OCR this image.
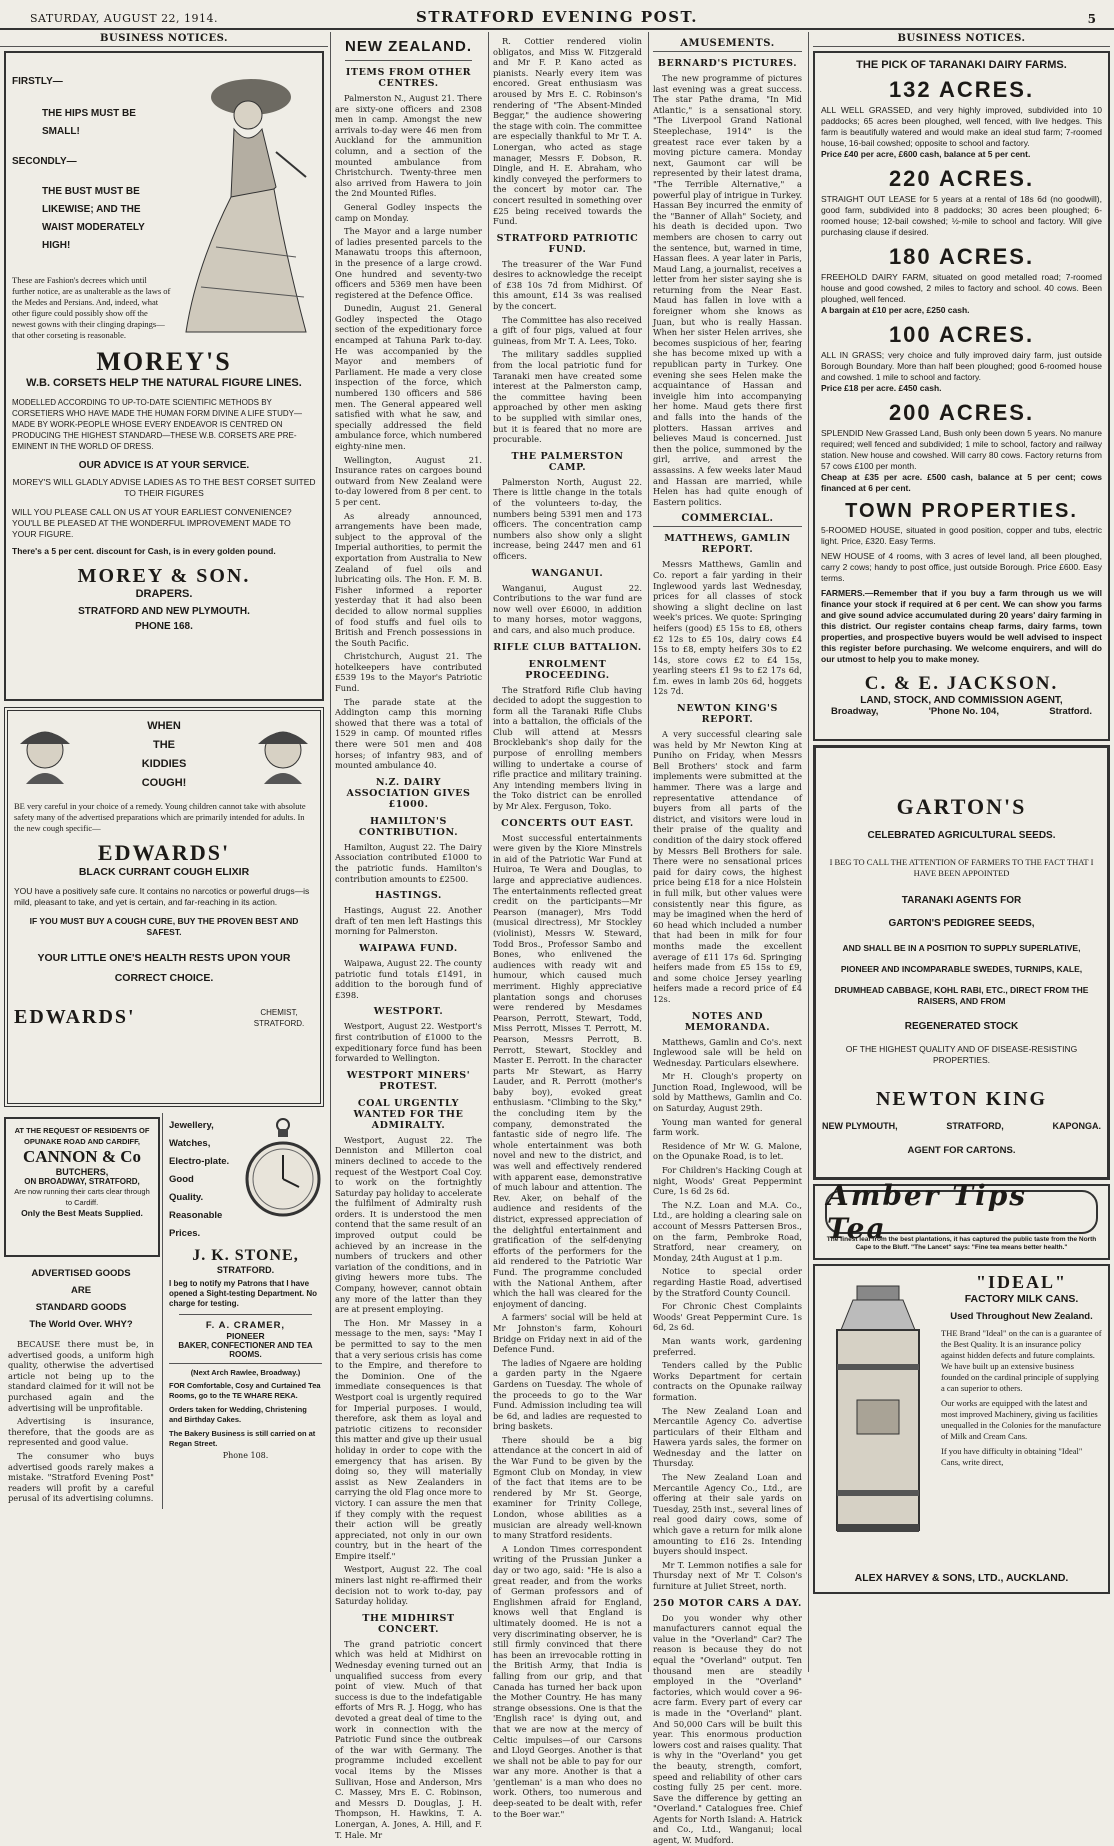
SATURDAY, AUGUST 22, 1914.	STRATFORD EVENING POST.	5
BUSINESS NOTICES.
FIRSTLY—
THE HIPS MUST BE SMALL!
SECONDLY—
THE BUST MUST BE LIKEWISE; AND THE WAIST MODERATELY HIGH!
These are Fashion's decrees which until further notice, are as unalterable as the laws of the Medes and Persians. And, indeed, what other figure could possibly show off the newest gowns with their clinging drapings—that other corseting is reasonable.
MOREY'S
W.B. CORSETS HELP THE NATURAL FIGURE LINES.
MODELLED ACCORDING TO UP-TO-DATE SCIENTIFIC METHODS BY CORSETIERS WHO HAVE MADE THE HUMAN FORM DIVINE A LIFE STUDY—MADE BY WORK-PEOPLE WHOSE EVERY ENDEAVOR IS CENTRED ON PRODUCING THE HIGHEST STANDARD—THESE W.B. CORSETS ARE PRE-EMINENT IN THE WORLD OF DRESS.
OUR ADVICE IS AT YOUR SERVICE.
MOREY'S WILL GLADLY ADVISE LADIES AS TO THE BEST CORSET SUITED TO THEIR FIGURES
WILL YOU PLEASE CALL ON US AT YOUR EARLIEST CONVENIENCE? YOU'LL BE PLEASED AT THE WONDERFUL IMPROVEMENT MADE TO YOUR FIGURE.
There's a 5 per cent. discount for Cash, is in every golden pound.
MOREY & SON.
DRAPERS.
STRATFORD AND NEW PLYMOUTH.
PHONE 168.
WHEN
THE
KIDDIES
COUGH!
BE very careful in your choice of a remedy. Young children cannot take with absolute safety many of the advertised preparations which are primarily intended for adults. In the new cough specific—
EDWARDS'
BLACK CURRANT COUGH ELIXIR
YOU have a positively safe cure. It contains no narcotics or powerful drugs—is mild, pleasant to take, and yet is certain, and far-reaching in its action.
IF YOU MUST BUY A COUGH CURE, BUY THE PROVEN BEST AND SAFEST.
YOUR LITTLE ONE'S HEALTH RESTS UPON YOUR CORRECT CHOICE.
EDWARDS'	CHEMIST, STRATFORD.
AT THE REQUEST OF RESIDENTS OF OPUNAKE ROAD AND CARDIFF,
CANNON & Co
BUTCHERS,
ON BROADWAY, STRATFORD,
Are now running their carts clear through to Cardiff.
Only the Best Meats Supplied.
ADVERTISED GOODS
ARE
STANDARD GOODS
The World Over. WHY?

BECAUSE there must be, in advertised goods, a uniform high quality, otherwise the advertised article not being up to the standard claimed for it will not be purchased again and the advertising will be unprofitable.

Advertising is insurance, therefore, that the goods are as represented and good value.

The consumer who buys advertised goods rarely makes a mistake. "Stratford Evening Post" readers will profit by a careful perusal of its advertising columns.

Jewellery,
Watches,
Electro-plate.
Good
Quality.
Reasonable
Prices.
J. K. STONE,
STRATFORD.
I beg to notify my Patrons that I have opened a Sight-testing Department. No charge for testing.
F. A. CRAMER,
PIONEER
BAKER, CONFECTIONER AND TEA ROOMS.
(Next Arch Rawlee, Broadway.)
FOR Comfortable, Cosy and Curtained Tea Rooms, go to the TE WHARE REKA.
Orders taken for Wedding, Christening and Birthday Cakes.
The Bakery Business is still carried on at Regan Street.
Phone 108.
NEW ZEALAND.
ITEMS FROM OTHER CENTRES.

Palmerston N., August 21. There are sixty-one officers and 2308 men in camp. Amongst the new arrivals to-day were 46 men from Auckland for the ammunition column, and a section of the mounted ambulance from Christchurch. Twenty-three men also arrived from Hawera to join the 2nd Mounted Rifles.

General Godley inspects the camp on Monday.

The Mayor and a large number of ladies presented parcels to the Manawatu troops this afternoon, in the presence of a large crowd. One hundred and seventy-two officers and 5369 men have been registered at the Defence Office.

Dunedin, August 21. General Godley inspected the Otago section of the expeditionary force encamped at Tahuna Park to-day. He was accompanied by the Mayor and members of Parliament. He made a very close inspection of the force, which numbered 130 officers and 586 men. The General appeared well satisfied with what he saw, and specially addressed the field ambulance force, which numbered eighty-nine men.

Wellington, August 21. Insurance rates on cargoes bound outward from New Zealand were to-day lowered from 8 per cent. to 5 per cent.

As already announced, arrangements have been made, subject to the approval of the Imperial authorities, to permit the exportation from Australia to New Zealand of fuel oils and lubricating oils. The Hon. F. M. B. Fisher informed a reporter yesterday that it had also been decided to allow normal supplies of food stuffs and fuel oils to British and French possessions in the South Pacific.

Christchurch, August 21. The hotelkeepers have contributed £539 19s to the Mayor's Patriotic Fund.

The parade state at the Addington camp this morning showed that there was a total of 1529 in camp. Of mounted rifles there were 501 men and 408 horses; of infantry 983, and of mounted ambulance 40.

N.Z. DAIRY ASSOCIATION GIVES £1000.
HAMILTON'S CONTRIBUTION.

Hamilton, August 22. The Dairy Association contributed £1000 to the patriotic funds. Hamilton's contribution amounts to £2500.

HASTINGS.

Hastings, August 22. Another draft of ten men left Hastings this morning for Palmerston.

WAIPAWA FUND.

Waipawa, August 22. The county patriotic fund totals £1491, in addition to the borough fund of £398.

WESTPORT.

Westport, August 22. Westport's first contribution of £1000 to the expeditionary force fund has been forwarded to Wellington.

WESTPORT MINERS' PROTEST.
COAL URGENTLY WANTED FOR THE ADMIRALTY.

Westport, August 22. The Denniston and Millerton coal miners declined to accede to the request of the Westport Coal Coy. to work on the fortnightly Saturday pay holiday to accelerate the fulfilment of Admiralty rush orders. It is understood the men contend that the same result of an improved output could be achieved by an increase in the numbers of truckers and other variation of the conditions, and in giving hewers more tubs. The Company, however, cannot obtain any more of the latter than they are at present employing.

The Hon. Mr Massey in a message to the men, says: "May I be permitted to say to the men that a very serious crisis has come to the Empire, and therefore to the Dominion. One of the immediate consequences is that Westport coal is urgently required for Imperial purposes. I would, therefore, ask them as loyal and patriotic citizens to reconsider this matter and give up their usual holiday in order to cope with the emergency that has arisen. By doing so, they will materially assist as New Zealanders in carrying the old Flag once more to victory. I can assure the men that if they comply with the request their action will be greatly appreciated, not only in our own country, but in the heart of the Empire itself."

Westport, August 22. The coal miners last night re-affirmed their decision not to work to-day, pay Saturday holiday.

THE MIDHIRST CONCERT.

The grand patriotic concert which was held at Midhirst on Wednesday evening turned out an unqualified success from every point of view. Much of that success is due to the indefatigable efforts of Mrs R. J. Hogg, who has devoted a great deal of time to the work in connection with the Patriotic Fund since the outbreak of the war with Germany. The programme included excellent vocal items by the Misses Sullivan, Hose and Anderson, Mrs C. Massey, Mrs E. C. Robinson, and Messrs D. Douglas, J. H. Thompson, H. Hawkins, T. A. Lonergan, A. Jones, A. Hill, and F. T. Hale. Mr

R. Cottier rendered violin obligatos, and Miss W. Fitzgerald and Mr F. P. Kano acted as pianists. Nearly every item was encored. Great enthusiasm was aroused by Mrs E. C. Robinson's rendering of "The Absent-Minded Beggar," the audience showering the stage with coin. The committee are especially thankful to Mr T. A. Lonergan, who acted as stage manager, Messrs F. Dobson, R. Dingle, and H. E. Abraham, who kindly conveyed the performers to the concert by motor car. The concert resulted in something over £25 being received towards the Fund.

STRATFORD PATRIOTIC FUND.

The treasurer of the War Fund desires to acknowledge the receipt of £38 10s 7d from Midhirst. Of this amount, £14 3s was realised by the concert.

The Committee has also received a gift of four pigs, valued at four guineas, from Mr T. A. Lees, Toko.

The military saddles supplied from the local patriotic fund for Taranaki men have created some interest at the Palmerston camp, the committee having been approached by other men asking to be supplied with similar ones, but it is feared that no more are procurable.

THE PALMERSTON CAMP.

Palmerston North, August 22. There is little change in the totals of the volunteers to-day, the numbers being 5391 men and 173 officers. The concentration camp numbers also show only a slight increase, being 2447 men and 61 officers.

WANGANUI.

Wanganui, August 22. Contributions to the war fund are now well over £6000, in addition to many horses, motor waggons, and cars, and also much produce.

RIFLE CLUB BATTALION.
ENROLMENT PROCEEDING.

The Stratford Rifle Club having decided to adopt the suggestion to form all the Taranaki Rifle Clubs into a battalion, the officials of the Club will attend at Messrs Brocklebank's shop daily for the purpose of enrolling members willing to undertake a course of rifle practice and military training. Any intending members living in the Toko district can be enrolled by Mr Alex. Ferguson, Toko.

CONCERTS OUT EAST.

Most successful entertainments were given by the Kiore Minstrels in aid of the Patriotic War Fund at Huiroa, Te Wera and Douglas, to large and appreciative audiences. The entertainments reflected great credit on the participants—Mr Pearson (manager), Mrs Todd (musical directress), Mr Stockley (violinist), Messrs W. Steward, Todd Bros., Professor Sambo and Bones, who enlivened the audiences with ready wit and humour, which caused much merriment. Highly appreciative plantation songs and choruses were rendered by Mesdames Pearson, Perrott, Stewart, Todd, Miss Perrott, Misses T. Perrott, M. Pearson, Messrs Perrott, B. Perrott, Stewart, Stockley and Master E. Perrott. In the character parts Mr Stewart, as Harry Lauder, and R. Perrott (mother's baby boy), evoked great enthusiasm. "Climbing to the Sky," the concluding item by the company, demonstrated the fantastic side of negro life. The whole entertainment was both novel and new to the district, and was well and effectively rendered with apparent ease, demonstrative of much labour and attention. The Rev. Aker, on behalf of the audience and residents of the district, expressed appreciation of the delightful entertainment and gratification of the self-denying efforts of the performers for the aid rendered to the Patriotic War Fund. The programme concluded with the National Anthem, after which the hall was cleared for the enjoyment of dancing.

A farmers' social will be held at Mr Johnston's farm, Kohouri Bridge on Friday next in aid of the Defence Fund.

The ladies of Ngaere are holding a garden party in the Ngaere Gardens on Tuesday. The whole of the proceeds to go to the War Fund. Admission including tea will be 6d, and ladies are requested to bring baskets.

There should be a big attendance at the concert in aid of the War Fund to be given by the Egmont Club on Monday, in view of the fact that items are to be rendered by Mr St. George, examiner for Trinity College, London, whose abilities as a musician are already well-known to many Stratford residents.

A London Times correspondent writing of the Prussian Junker a day or two ago, said: "He is also a great reader, and from the works of German professors and of Englishmen afraid for England, knows well that England is ultimately doomed. He is not a very discriminating observer, he is still firmly convinced that there has been an irrevocable rotting in the British Army, that India is falling from our grip, and that Canada has turned her back upon the Mother Country. He has many strange obsessions. One is that the 'English race' is dying out, and that we are now at the mercy of Celtic impulses—of our Carsons and Lloyd Georges. Another is that we shall not be able to pay for our war any more. Another is that a 'gentleman' is a man who does no work. Others, too numerous and deep-seated to be dealt with, refer to the Boer war."

AMUSEMENTS.
BERNARD'S PICTURES.

The new programme of pictures last evening was a great success. The star Pathe drama, "In Mid Atlantic," is a sensational story. "The Liverpool Grand National Steeplechase, 1914" is the greatest race ever taken by a moving picture camera. Monday next, Gaumont car will be represented by their latest drama, "The Terrible Alternative," a powerful play of intrigue in Turkey. Hassan Bey incurred the enmity of the "Banner of Allah" Society, and his death is decided upon. Two members are chosen to carry out the sentence, but, warned in time, Hassan flees. A year later in Paris, Maud Lang, a journalist, receives a letter from her sister saying she is returning from the Near East. Maud has fallen in love with a foreigner whom she knows as Juan, but who is really Hassan. When her sister Helen arrives, she becomes suspicious of her, fearing she has become mixed up with a republican party in Turkey. One evening she sees Helen make the acquaintance of Hassan and inveigle him into accompanying her home. Maud gets there first and falls into the hands of the plotters. Hassan arrives and believes Maud is concerned. Just then the police, summoned by the girl, arrive, and arrest the assassins. A few weeks later Maud and Hassan are married, while Helen has had quite enough of Eastern politics.

COMMERCIAL.
MATTHEWS, GAMLIN REPORT.

Messrs Matthews, Gamlin and Co. report a fair yarding in their Inglewood yards last Wednesday, prices for all classes of stock showing a slight decline on last week's prices. We quote: Springing heifers (good) £5 15s to £8, others £2 12s to £5 10s, dairy cows £4 15s to £8, empty heifers 30s to £2 14s, store cows £2 to £4 15s, yearling steers £1 9s to £2 17s 6d, f.m. ewes in lamb 20s 6d, hoggets 12s 7d.

NEWTON KING'S REPORT.

A very successful clearing sale was held by Mr Newton King at Puniho on Friday, when Messrs Bell Brothers' stock and farm implements were submitted at the hammer. There was a large and representative attendance of buyers from all parts of the district, and visitors were loud in their praise of the quality and condition of the dairy stock offered by Messrs Bell Brothers for sale. There were no sensational prices paid for dairy cows, the highest price being £18 for a nice Holstein in full milk, but other values were consistently near this figure, as may be imagined when the herd of 60 head which included a number that had been in milk for four months made the excellent average of £11 17s 6d. Springing heifers made from £5 15s to £9, and some choice Jersey yearling heifers made a record price of £4 12s.

NOTES AND MEMORANDA.

Matthews, Gamlin and Co's. next Inglewood sale will be held on Wednesday. Particulars elsewhere.

Mr H. Clough's property on Junction Road, Inglewood, will be sold by Matthews, Gamlin and Co. on Saturday, August 29th.

Young man wanted for general farm work.

Residence of Mr W. G. Malone, on the Opunake Road, is to let.

For Children's Hacking Cough at night, Woods' Great Peppermint Cure, 1s 6d 2s 6d.

The N.Z. Loan and M.A. Co., Ltd., are holding a clearing sale on account of Messrs Pattersen Bros., on the farm, Pembroke Road, Stratford, near creamery, on Monday, 24th August at 1 p.m.

Notice to special order regarding Hastie Road, advertised by the Stratford County Council.

For Chronic Chest Complaints Woods' Great Peppermint Cure. 1s 6d, 2s 6d.

Man wants work, gardening preferred.

Tenders called by the Public Works Department for certain contracts on the Opunake railway formation.

The New Zealand Loan and Mercantile Agency Co. advertise particulars of their Eltham and Hawera yards sales, the former on Wednesday and the latter on Thursday.

The New Zealand Loan and Mercantile Agency Co., Ltd., are offering at their sale yards on Tuesday, 25th inst., several lines of real good dairy cows, some of which gave a return for milk alone amounting to £16 2s. Intending buyers should inspect.

Mr T. Lemmon notifies a sale for Thursday next of Mr T. Colson's furniture at Juliet Street, north.

250 MOTOR CARS A DAY.

Do you wonder why other manufacturers cannot equal the value in the "Overland" Car? The reason is because they do not equal the "Overland" output. Ten thousand men are steadily employed in the "Overland" factories, which would cover a 96-acre farm. Every part of every car is made in the "Overland" plant. And 50,000 Cars will be built this year. This enormous production lowers cost and raises quality. That is why in the "Overland" you get the beauty, strength, comfort, speed and reliability of other cars costing fully 25 per cent. more. Save the difference by getting an "Overland." Catalogues free. Chief Agents for North Island: A. Hatrick and Co., Ltd., Wanganui; local agent, W. Mudford.

BUSINESS NOTICES.
THE PICK OF TARANAKI DAIRY FARMS.
132 ACRES.
ALL WELL GRASSED, and very highly improved, subdivided into 10 paddocks; 65 acres been ploughed, well fenced, with live hedges. This farm is beautifully watered and would make an ideal stud farm; 7-roomed house, 16-bail cowshed; opposite to school and factory.
Price £40 per acre, £600 cash, balance at 5 per cent.
220 ACRES.
STRAIGHT OUT LEASE for 5 years at a rental of 18s 6d (no goodwill), good farm, subdivided into 8 paddocks; 30 acres been ploughed; 6-roomed house; 12-bail cowshed; ½-mile to school and factory. Will give purchasing clause if desired.
180 ACRES.
FREEHOLD DAIRY FARM, situated on good metalled road; 7-roomed house and good cowshed, 2 miles to factory and school. 40 cows. Been ploughed, well fenced.
A bargain at £10 per acre, £250 cash.
100 ACRES.
ALL IN GRASS; very choice and fully improved dairy farm, just outside Borough Boundary. More than half been ploughed; good 6-roomed house and cowshed. 1 mile to school and factory.
Price £18 per acre. £450 cash.
200 ACRES.
SPLENDID New Grassed Land, Bush only been down 5 years. No manure required; well fenced and subdivided; 1 mile to school, factory and railway station. New house and cowshed. Will carry 80 cows. Factory returns from 57 cows £100 per month.
Cheap at £35 per acre. £500 cash, balance at 5 per cent; cows financed at 6 per cent.
TOWN PROPERTIES.
5-ROOMED HOUSE, situated in good position, copper and tubs, electric light. Price, £320. Easy Terms.
NEW HOUSE of 4 rooms, with 3 acres of level land, all been ploughed, carry 2 cows; handy to post office, just outside Borough. Price £600. Easy terms.
FARMERS.—Remember that if you buy a farm through us we will finance your stock if required at 6 per cent. We can show you farms and give sound advice accumulated during 20 years' dairy farming in this district. Our register contains cheap farms, dairy farms, town properties, and prospective buyers would be well advised to inspect this register before purchasing. We welcome enquirers, and will do our utmost to help you to make money.
C. & E. JACKSON.
LAND, STOCK, AND COMMISSION AGENT,
Broadway,	'Phone No. 104,	Stratford.
GARTON'S
CELEBRATED AGRICULTURAL SEEDS.
I BEG TO CALL THE ATTENTION OF FARMERS TO THE FACT THAT I HAVE BEEN APPOINTED
TARANAKI AGENTS FOR
GARTON'S PEDIGREE SEEDS,
AND SHALL BE IN A POSITION TO SUPPLY SUPERLATIVE,
PIONEER AND INCOMPARABLE SWEDES, TURNIPS, KALE,
DRUMHEAD CABBAGE, KOHL RABI, ETC., DIRECT FROM THE RAISERS, AND FROM
REGENERATED STOCK
OF THE HIGHEST QUALITY AND OF DISEASE-RESISTING PROPERTIES.
NEWTON KING
NEW PLYMOUTH,	STRATFORD,	KAPONGA.
AGENT FOR CARTONS.
Amber Tips Tea
The finest leaf from the best plantations, it has captured the public taste from the North Cape to the Bluff. "The Lancet" says: "Fine tea means better health."
"IDEAL"
FACTORY MILK CANS.
Used Throughout New Zealand.
THE Brand "Ideal" on the can is a guarantee of the Best Quality. It is an insurance policy against hidden defects and future complaints. We have built up an extensive business founded on the cardinal principle of supplying a can superior to others.
Our works are equipped with the latest and most improved Machinery, giving us facilities unequalled in the Colonies for the manufacture of Milk and Cream Cans.
If you have difficulty in obtaining "Ideal" Cans, write direct,
ALEX HARVEY & SONS, LTD., AUCKLAND.
